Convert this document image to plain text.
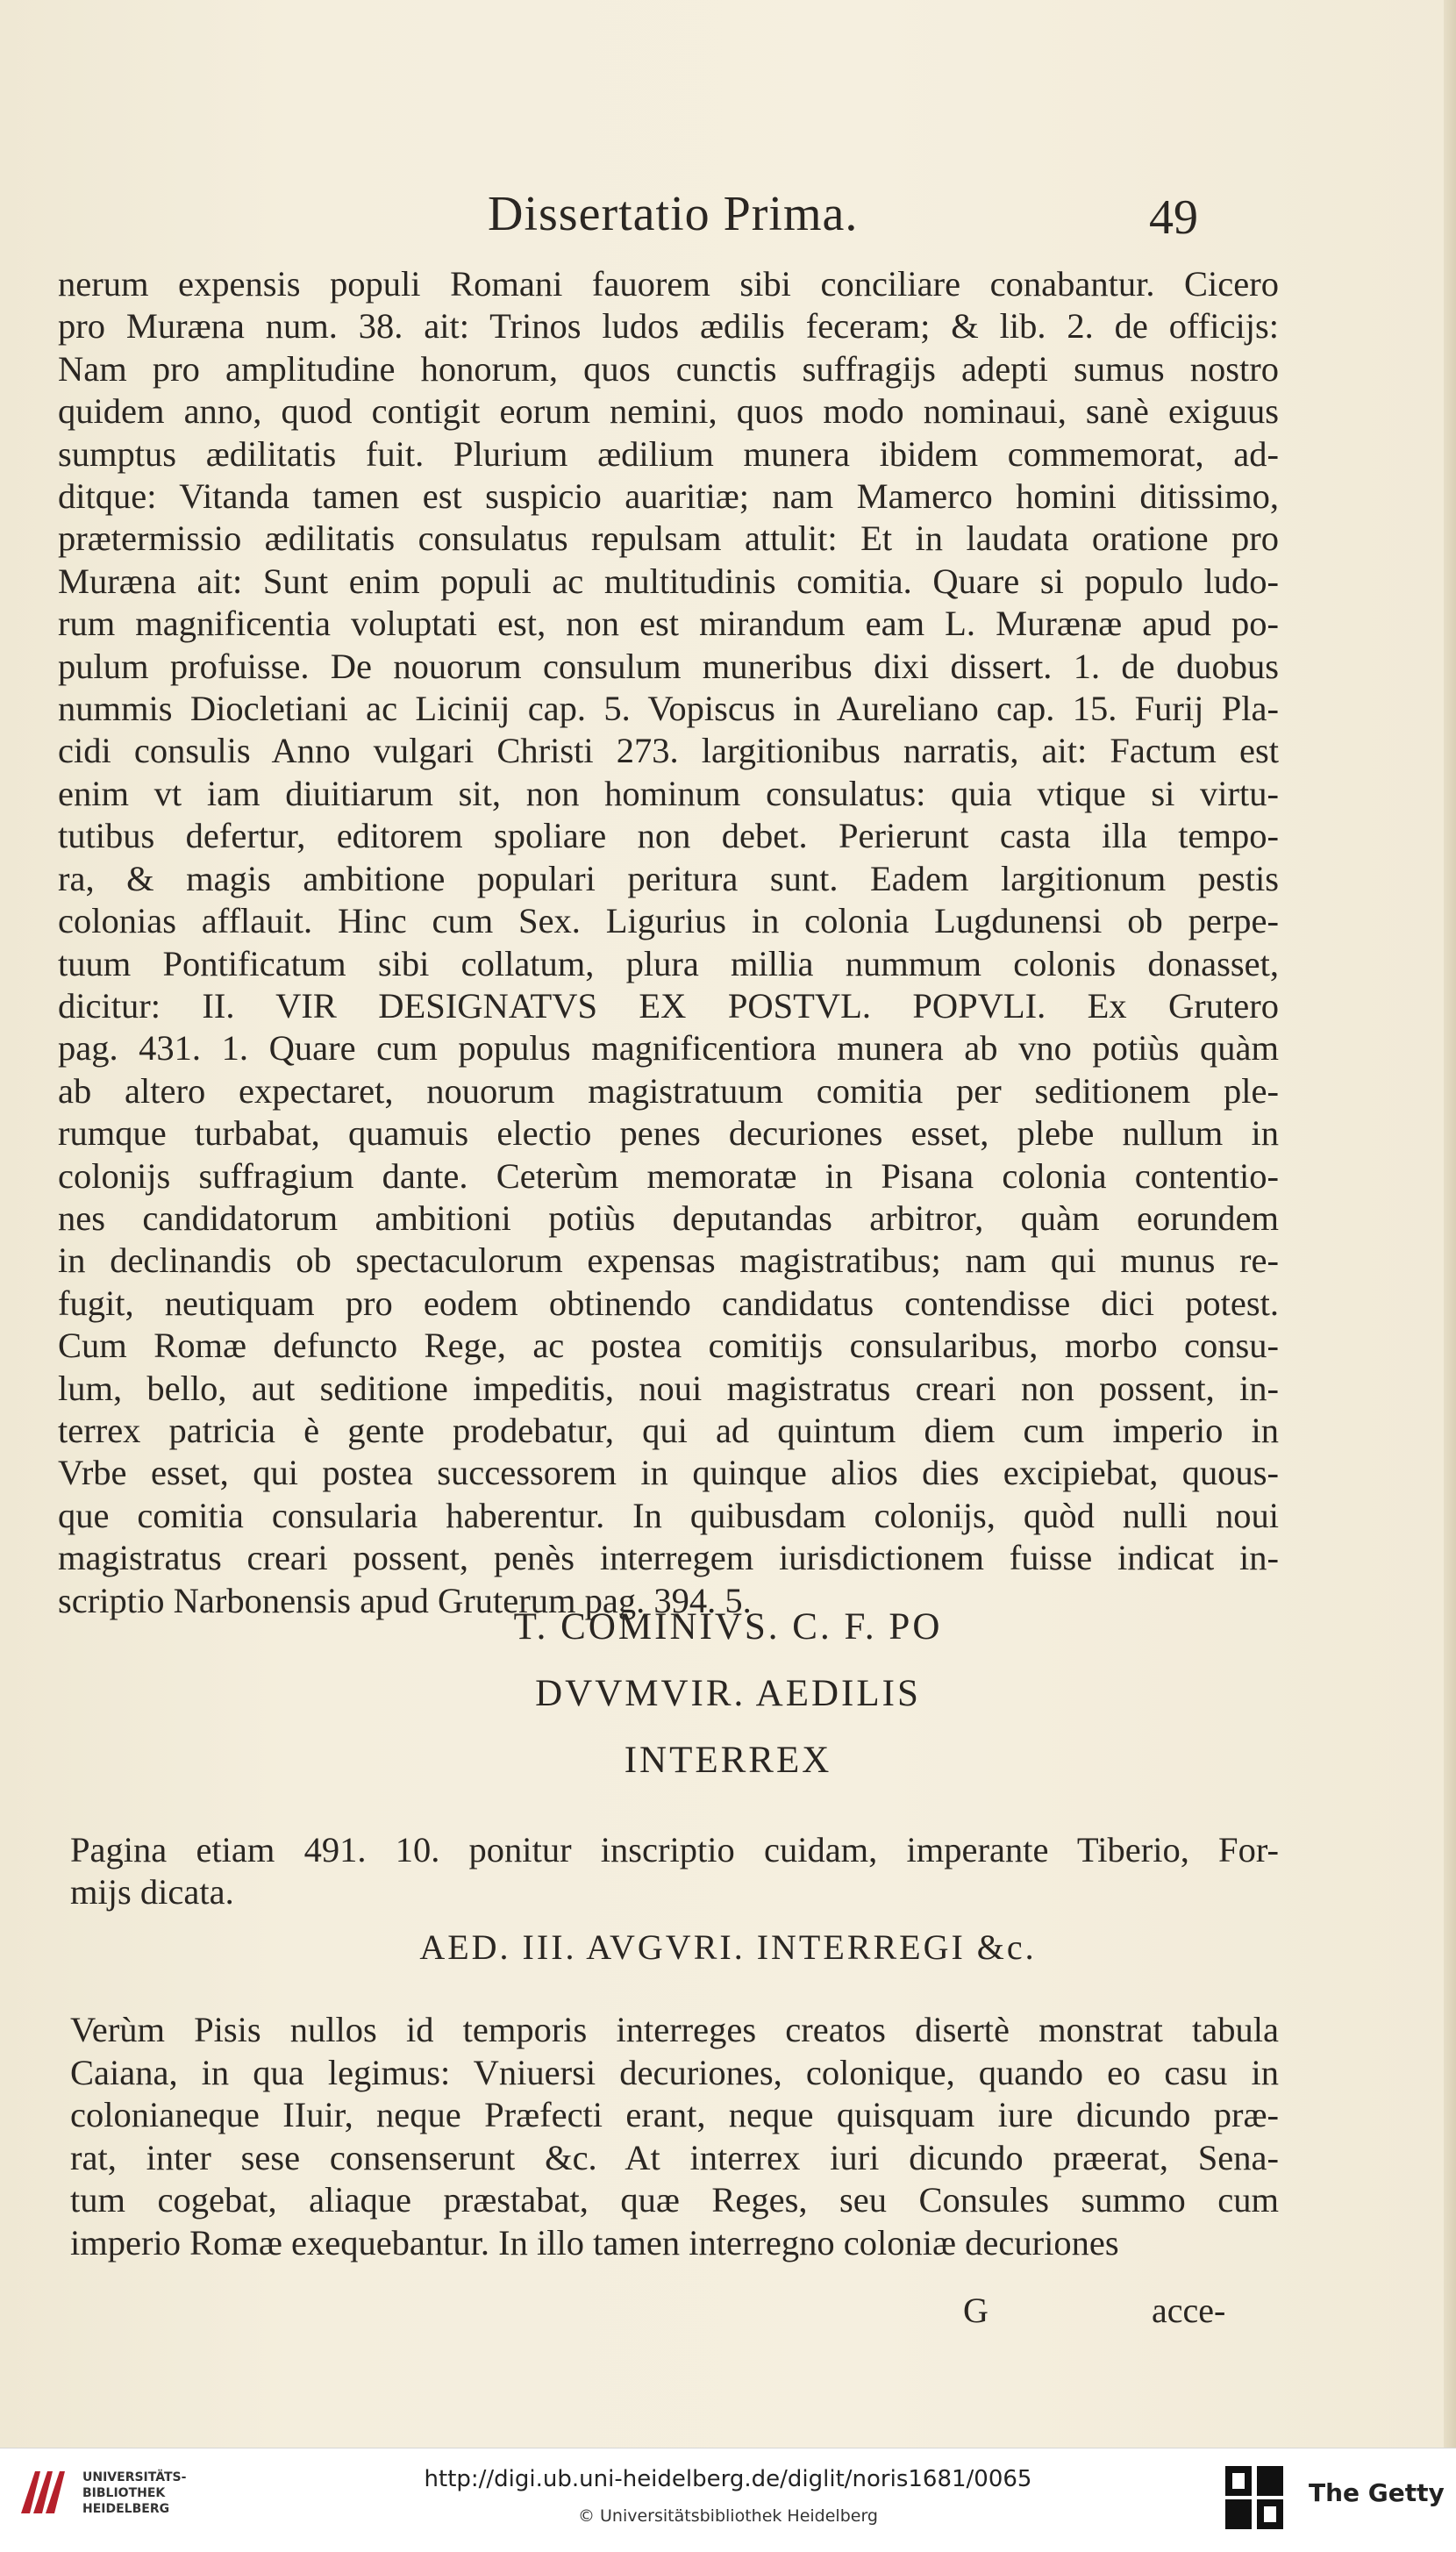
Dissertatio Prima.	49
nerum expensis populi Romani fauorem sibi conciliare conabantur. Cicero
pro Muræna num. 38. ait: Trinos ludos ædilis feceram; & lib. 2. de officijs:
Nam pro amplitudine honorum, quos cunctis suffragijs adepti sumus nostro
quidem anno, quod contigit eorum nemini, quos modo nominaui, sanè exiguus
sumptus ædilitatis fuit. Plurium ædilium munera ibidem commemorat, ad-
ditque: Vitanda tamen est suspicio auaritiæ; nam Mamerco homini ditissimo,
prætermissio ædilitatis consulatus repulsam attulit: Et in laudata oratione pro
Muræna ait: Sunt enim populi ac multitudinis comitia. Quare si populo ludo-
rum magnificentia voluptati est, non est mirandum eam L. Murænæ apud po-
pulum profuisse. De nouorum consulum muneribus dixi dissert. 1. de duobus
nummis Diocletiani ac Licinij cap. 5. Vopiscus in Aureliano cap. 15. Furij Pla-
cidi consulis Anno vulgari Christi 273. largitionibus narratis, ait: Factum est
enim vt iam diuitiarum sit, non hominum consulatus: quia vtique si virtu-
tutibus defertur, editorem spoliare non debet. Perierunt casta illa tempo-
ra, & magis ambitione populari peritura sunt. Eadem largitionum pestis
colonias afflauit. Hinc cum Sex. Ligurius in colonia Lugdunensi ob perpe-
tuum Pontificatum sibi collatum, plura millia nummum colonis donasset,
dicitur: II. VIR DESIGNATVS EX POSTVL. POPVLI. Ex Grutero
pag. 431. 1. Quare cum populus magnificentiora munera ab vno potiùs quàm
ab altero expectaret, nouorum magistratuum comitia per seditionem ple-
rumque turbabat, quamuis electio penes decuriones esset, plebe nullum in
colonijs suffragium dante. Ceterùm memoratæ in Pisana colonia contentio-
nes candidatorum ambitioni potiùs deputandas arbitror, quàm eorundem
in declinandis ob spectaculorum expensas magistratibus; nam qui munus re-
fugit, neutiquam pro eodem obtinendo candidatus contendisse dici potest.
Cum Romæ defuncto Rege, ac postea comitijs consularibus, morbo consu-
lum, bello, aut seditione impeditis, noui magistratus creari non possent, in-
terrex patricia è gente prodebatur, qui ad quintum diem cum imperio in
Vrbe esset, qui postea successorem in quinque alios dies excipiebat, quous-
que comitia consularia haberentur. In quibusdam colonijs, quòd nulli noui
magistratus creari possent, penès interregem iurisdictionem fuisse indicat in-
scriptio Narbonensis apud Gruterum pag. 394. 5.
T. COMINIVS. C. F. PO
DVVMVIR. AEDILIS
INTERREX
Pagina etiam 491. 10. ponitur inscriptio cuidam, imperante Tiberio, For-
mijs dicata.
AED. III. AVGVRI. INTERREGI &c.
Verùm Pisis nullos id temporis interreges creatos disertè monstrat tabula
Caiana, in qua legimus: Vniuersi decuriones, colonique, quando eo casu in
colonianeque IIuir, neque Præfecti erant, neque quisquam iure dicundo præ-
rat, inter sese consenserunt &c. At interrex iuri dicundo præerat, Sena-
tum cogebat, aliaque præstabat, quæ Reges, seu Consules summo cum
imperio Romæ exequebantur. In illo tamen interregno coloniæ decuriones
G	acce-
UNIVERSITÄTS-
BIBLIOTHEK
HEIDELBERG
http://digi.ub.uni-heidelberg.de/diglit/noris1681/0065
© Universitätsbibliothek Heidelberg
The Getty
